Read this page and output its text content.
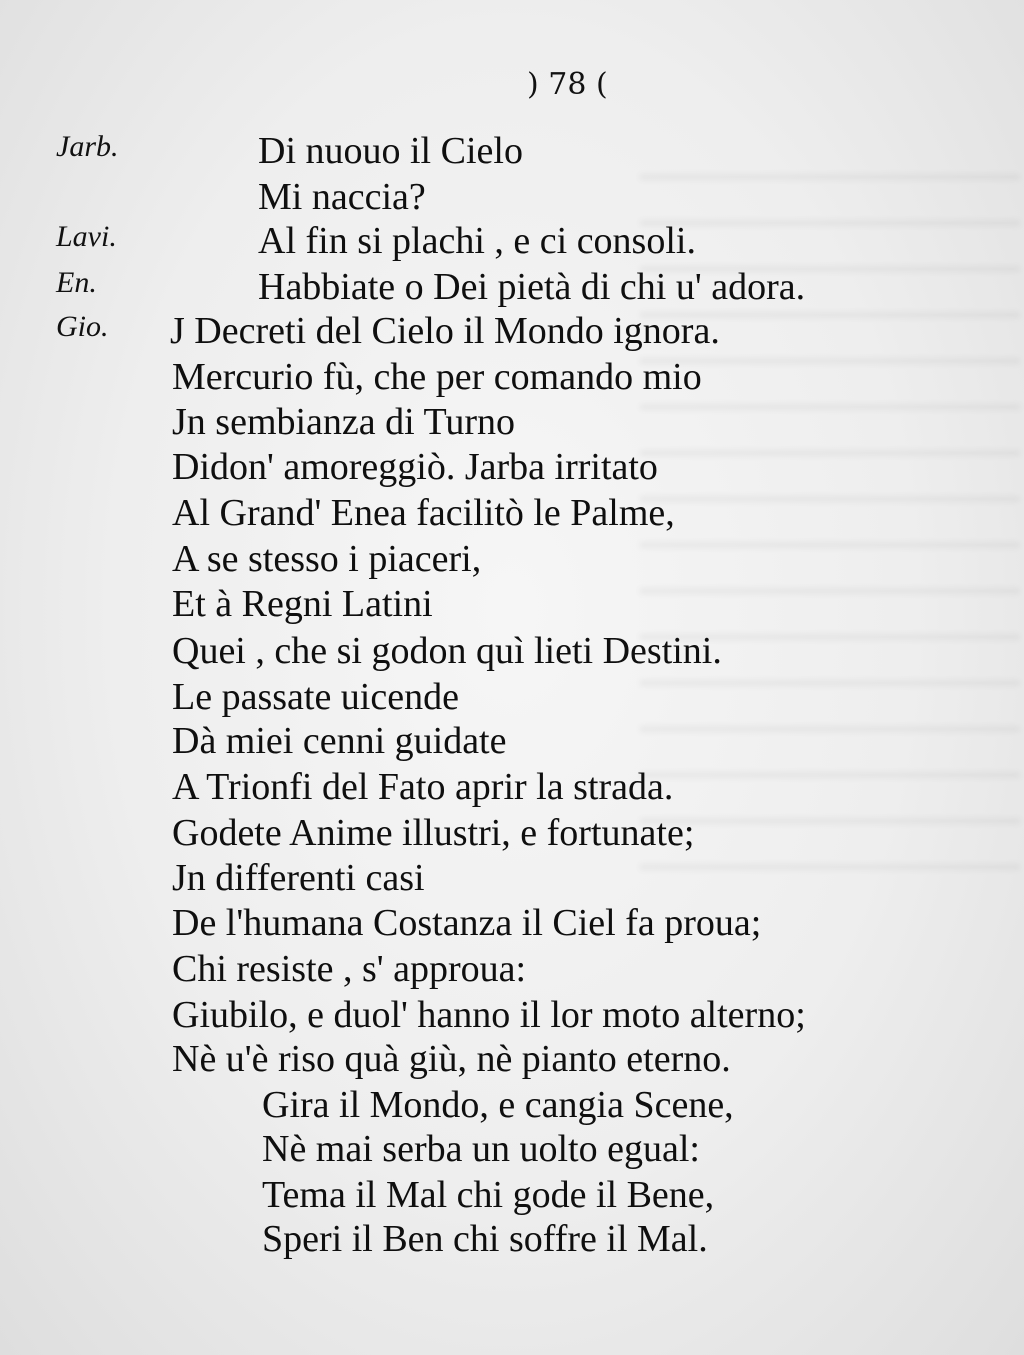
) 78 (
Jarb.
Lavi.
En.
Gio.
Di nuouo il Cielo
Mi naccia?
Al fin si plachi , e ci consoli.
Habbiate o Dei pietà di chi u' adora.
J Decreti del Cielo il Mondo ignora.
Mercurio fù, che per comando mio
Jn sembianza di Turno
Didon' amoreggiò. Jarba irritato
Al Grand' Enea facilitò le Palme,
A se stesso i piaceri,
Et à Regni Latini
Quei , che si godon quì lieti Destini.
Le passate uicende
Dà miei cenni guidate
A Trionfi del Fato aprir la strada.
Godete Anime illustri, e fortunate;
Jn differenti casi
De l'humana Costanza il Ciel fa proua;
Chi resiste , s' approua:
Giubilo, e duol' hanno il lor moto alterno;
Nè u'è riso quà giù, nè pianto eterno.
Gira il Mondo, e cangia Scene,
Nè mai serba un uolto egual:
Tema il Mal chi gode il Bene,
Speri il Ben chi soffre il Mal.
